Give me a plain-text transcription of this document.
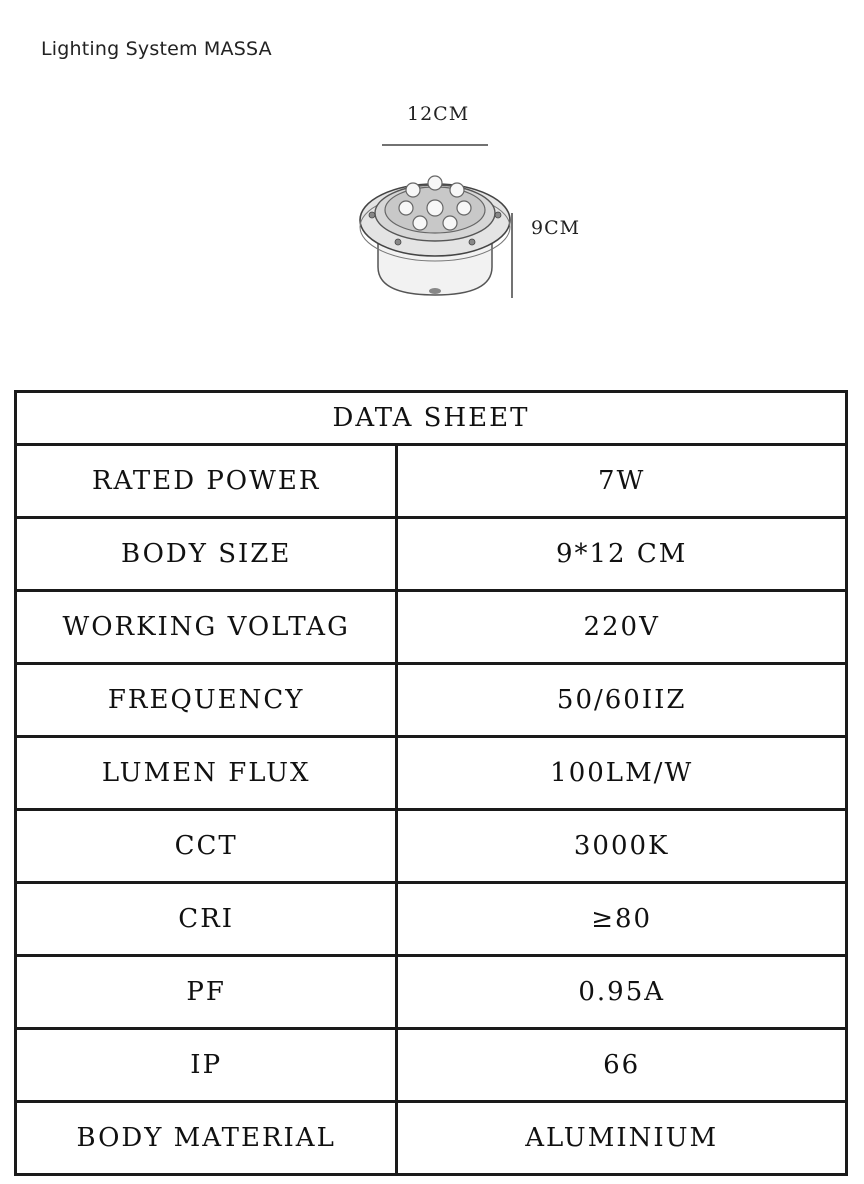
Lighting System MASSA
12CM
9CM
DATA SHEET	
RATED POWER	7W
BODY SIZE	9*12 CM
WORKING VOLTAG	220V
FREQUENCY	50/60IIZ
LUMEN FLUX	100LM/W
CCT	3000K
CRI	≥80
PF	0.95A
IP	66
BODY MATERIAL	ALUMINIUM
